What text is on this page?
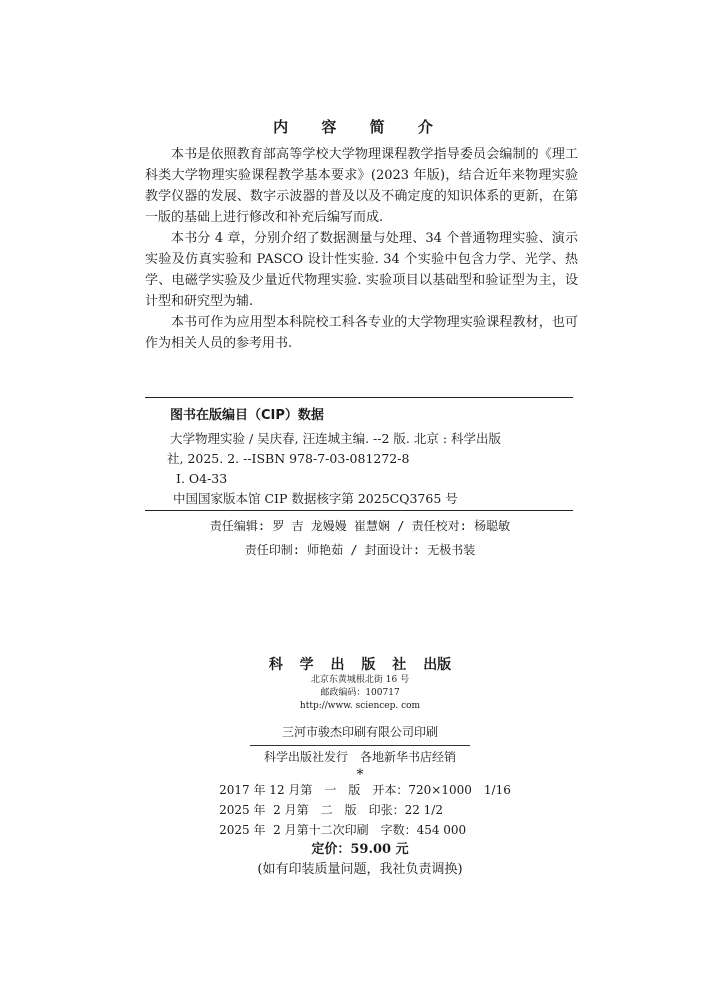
内 容 简 介

本书是依照教育部高等学校大学物理课程教学指导委员会编制的《理工科类大学物理实验课程教学基本要求》(2023 年版)，结合近年来物理实验教学仪器的发展、数字示波器的普及以及不确定度的知识体系的更新，在第一版的基础上进行修改和补充后编写而成.

本书分 4 章，分别介绍了数据测量与处理、34 个普通物理实验、演示实验及仿真实验和 PASCO 设计性实验. 34 个实验中包含力学、光学、热学、电磁学实验及少量近代物理实验. 实验项目以基础型和验证型为主，设计型和研究型为辅.

本书可作为应用型本科院校工科各专业的大学物理实验课程教材，也可作为相关人员的参考用书.

图书在版编目（CIP）数据

大学物理实验 / 吴庆春, 汪连城主编. --2 版. 北京 : 科学出版

社, 2025. 2. --ISBN 978-7-03-081272-8

Ⅰ. O4-33

中国国家版本馆 CIP 数据核字第 2025CQ3765 号

责任编辑: 罗 吉 龙嫚嫚 崔慧娴 / 责任校对: 杨聪敏

责任印制: 师艳茹 / 封面设计: 无极书装

科 学 出 版 社 出版

北京东黄城根北街 16 号

邮政编码：100717

http://www. sciencep. com

三河市骏杰印刷有限公司印刷

科学出版社发行　各地新华书店经销

*

2017 年 12 月第　一　版　开本：720×1000　1/16

2025 年  2 月第　二　版　印张：22 1/2

2025 年  2 月第十二次印刷　字数：454 000

定价：59.00 元

(如有印装质量问题，我社负责调换)
